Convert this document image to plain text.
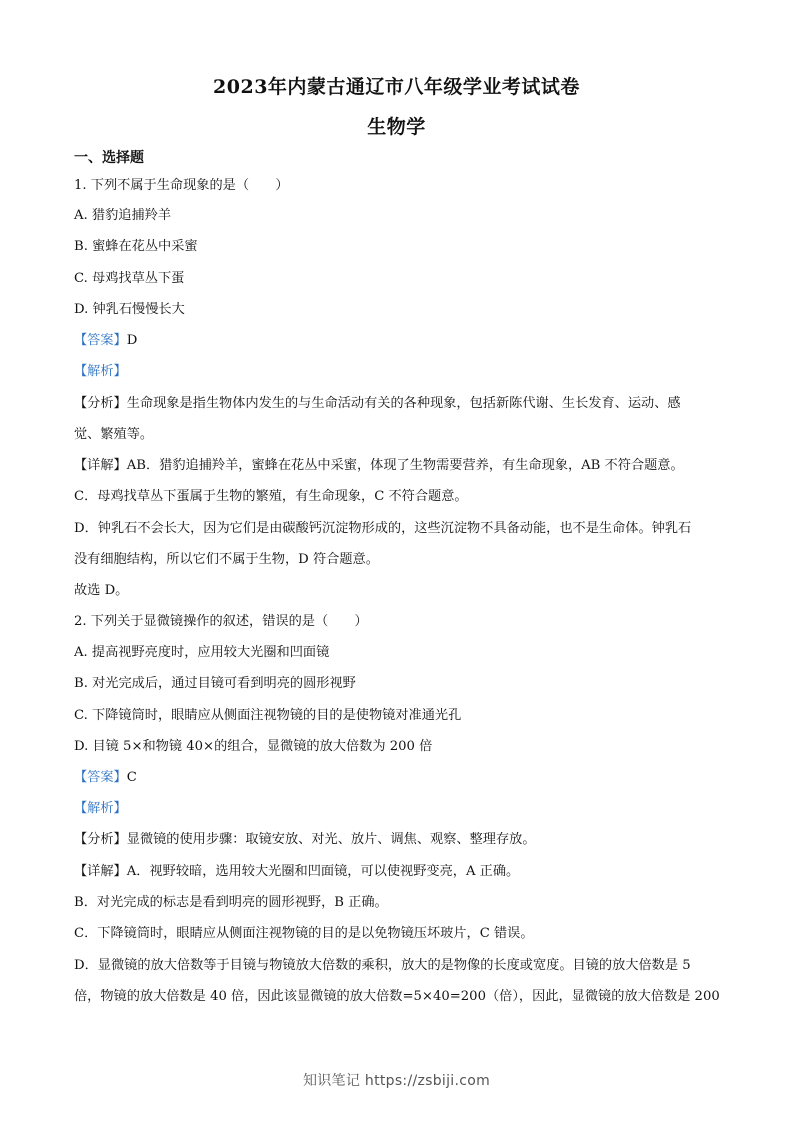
2023年内蒙古通辽市八年级学业考试试卷
生物学
一、选择题
1. 下列不属于生命现象的是（　　）
A. 猎豹追捕羚羊
B. 蜜蜂在花丛中采蜜
C. 母鸡找草丛下蛋
D. 钟乳石慢慢长大
【答案】D
【解析】
【分析】生命现象是指生物体内发生的与生命活动有关的各种现象，包括新陈代谢、生长发育、运动、感
觉、繁殖等。
【详解】AB．猎豹追捕羚羊，蜜蜂在花丛中采蜜，体现了生物需要营养，有生命现象，AB 不符合题意。
C．母鸡找草丛下蛋属于生物的繁殖，有生命现象，C 不符合题意。
D．钟乳石不会长大，因为它们是由碳酸钙沉淀物形成的，这些沉淀物不具备动能，也不是生命体。钟乳石
没有细胞结构，所以它们不属于生物，D 符合题意。
故选 D。
2. 下列关于显微镜操作的叙述，错误的是（　　）
A. 提高视野亮度时，应用较大光圈和凹面镜
B. 对光完成后，通过目镜可看到明亮的圆形视野
C. 下降镜筒时，眼睛应从侧面注视物镜的目的是使物镜对准通光孔
D. 目镜 5×和物镜 40×的组合，显微镜的放大倍数为 200 倍
【答案】C
【解析】
【分析】显微镜的使用步骤：取镜安放、对光、放片、调焦、观察、整理存放。
【详解】A．视野较暗，选用较大光圈和凹面镜，可以使视野变亮，A 正确。
B．对光完成的标志是看到明亮的圆形视野，B 正确。
C．下降镜筒时，眼睛应从侧面注视物镜的目的是以免物镜压坏玻片，C 错误。
D．显微镜的放大倍数等于目镜与物镜放大倍数的乘积，放大的是物像的长度或宽度。目镜的放大倍数是 5
倍，物镜的放大倍数是 40 倍，因此该显微镜的放大倍数=5×40=200（倍），因此，显微镜的放大倍数是 200
知识笔记 https://zsbiji.com
